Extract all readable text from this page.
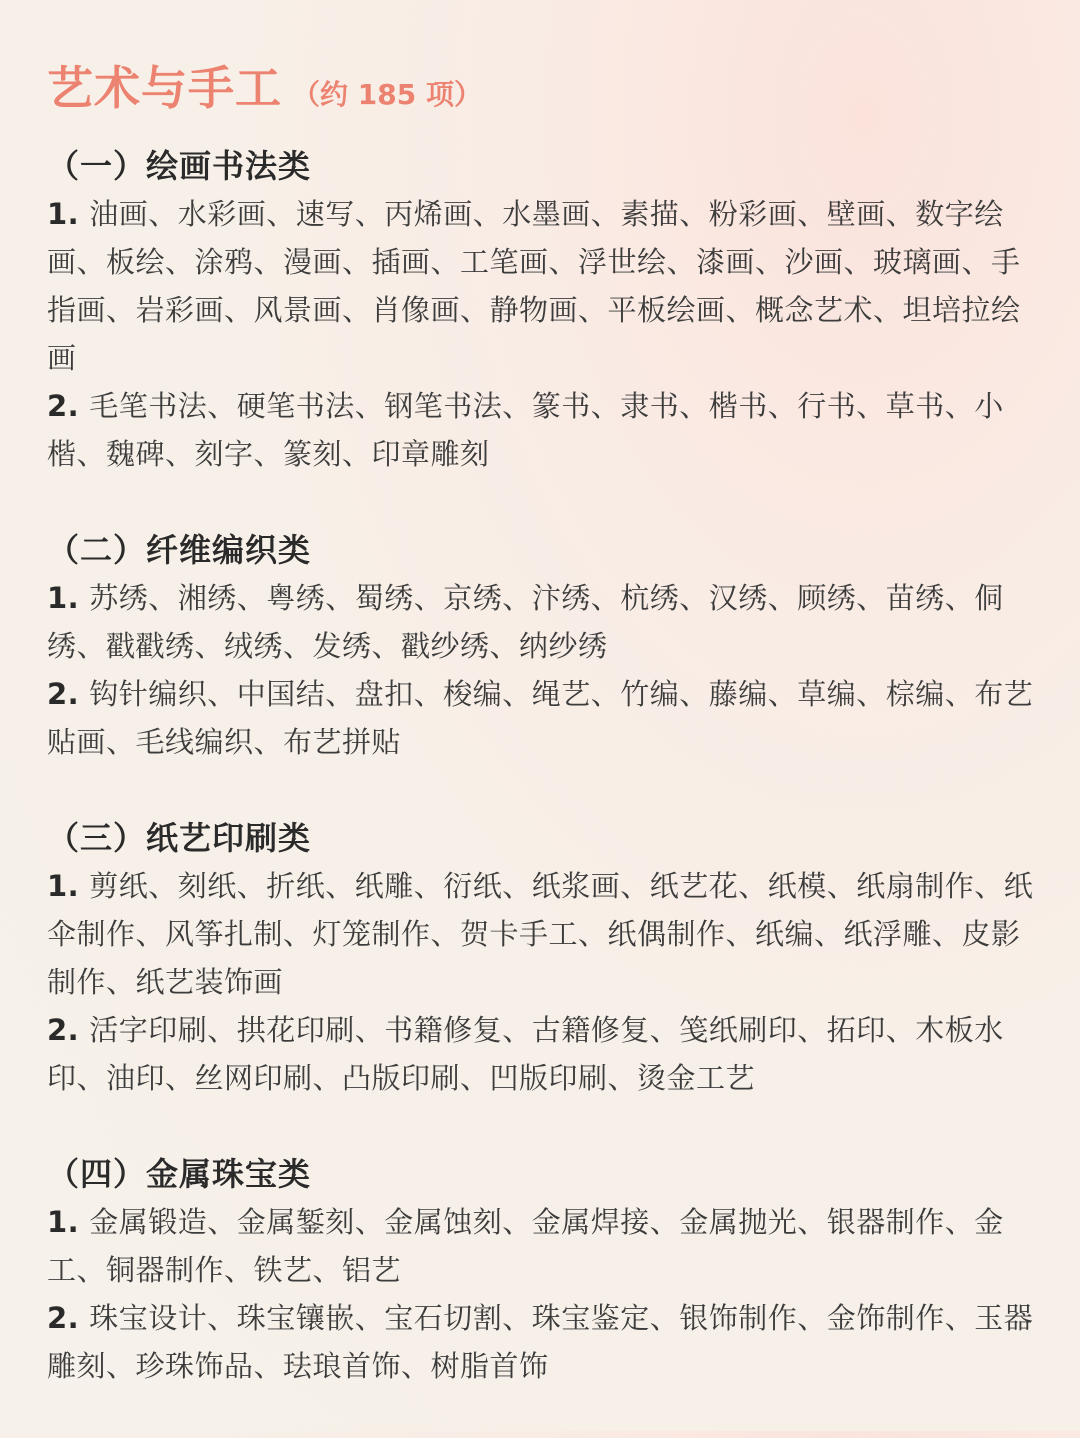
艺术与手工 （约 185 项）
（一）绘画书法类
1. 油画、水彩画、速写、丙烯画、水墨画、素描、粉彩画、壁画、数字绘画、板绘、涂鸦、漫画、插画、工笔画、浮世绘、漆画、沙画、玻璃画、手指画、岩彩画、风景画、肖像画、静物画、平板绘画、概念艺术、坦培拉绘画
2. 毛笔书法、硬笔书法、钢笔书法、篆书、隶书、楷书、行书、草书、小楷、魏碑、刻字、篆刻、印章雕刻
（二）纤维编织类
1. 苏绣、湘绣、粤绣、蜀绣、京绣、汴绣、杭绣、汉绣、顾绣、苗绣、侗绣、戳戳绣、绒绣、发绣、戳纱绣、纳纱绣
2. 钩针编织、中国结、盘扣、梭编、绳艺、竹编、藤编、草编、棕编、布艺贴画、毛线编织、布艺拼贴
（三）纸艺印刷类
1. 剪纸、刻纸、折纸、纸雕、衍纸、纸浆画、纸艺花、纸模、纸扇制作、纸伞制作、风筝扎制、灯笼制作、贺卡手工、纸偶制作、纸编、纸浮雕、皮影制作、纸艺装饰画
2. 活字印刷、拱花印刷、书籍修复、古籍修复、笺纸刷印、拓印、木板水印、油印、丝网印刷、凸版印刷、凹版印刷、烫金工艺
（四）金属珠宝类
1. 金属锻造、金属錾刻、金属蚀刻、金属焊接、金属抛光、银器制作、金工、铜器制作、铁艺、铝艺
2. 珠宝设计、珠宝镶嵌、宝石切割、珠宝鉴定、银饰制作、金饰制作、玉器雕刻、珍珠饰品、珐琅首饰、树脂首饰
